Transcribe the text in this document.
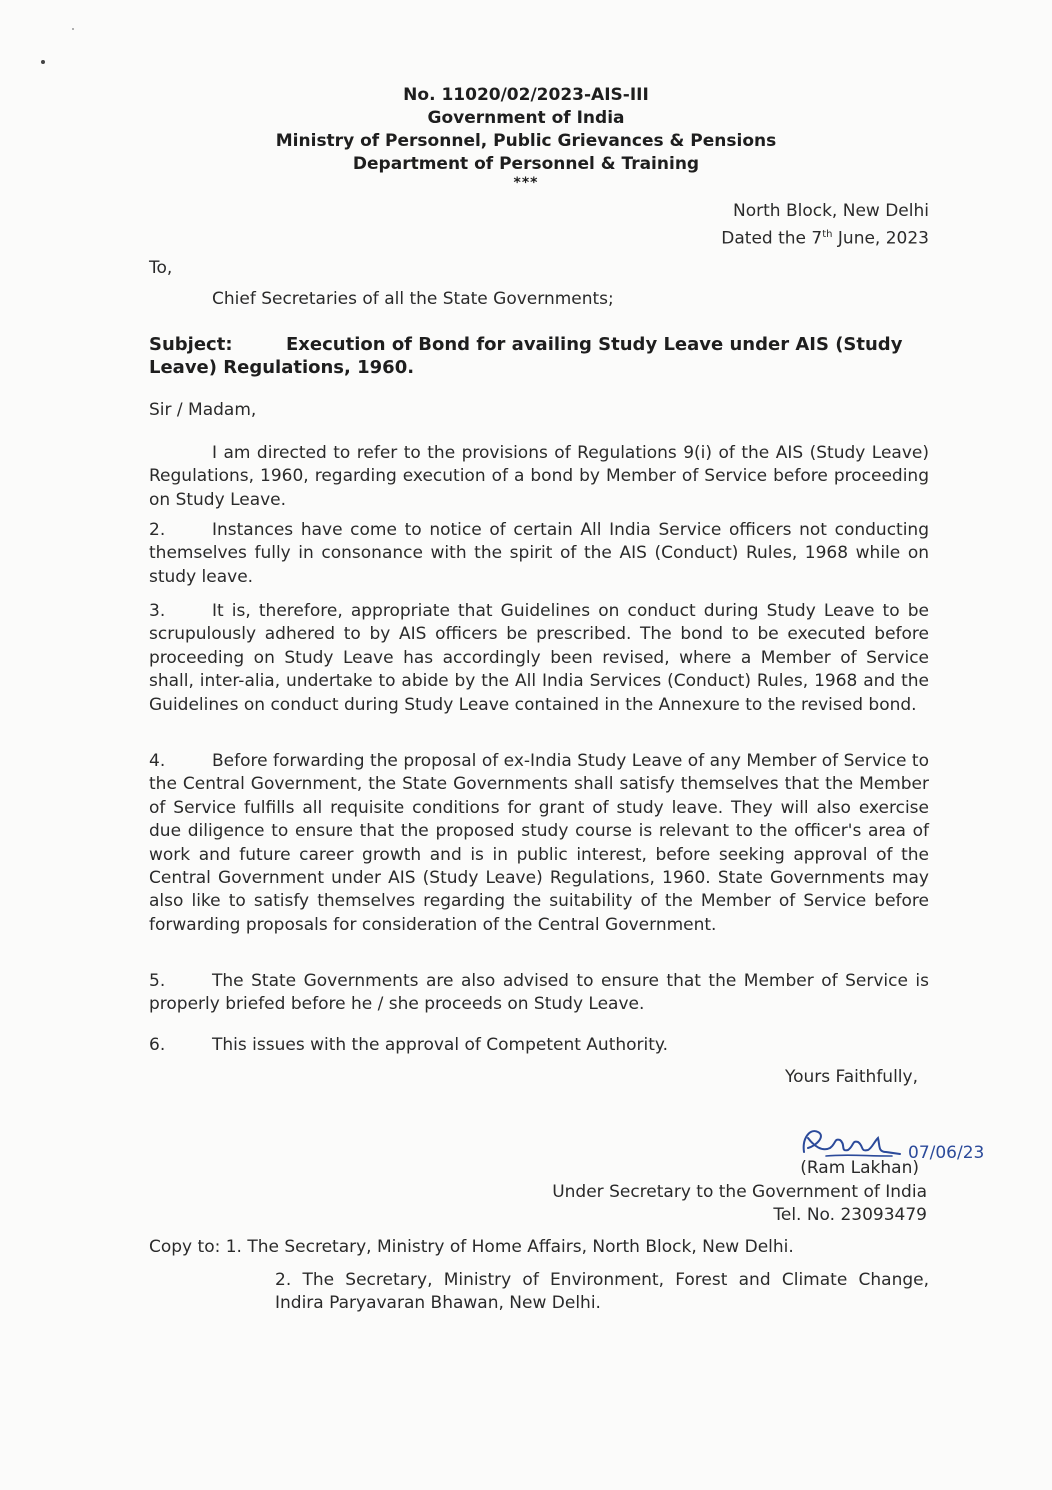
No. 11020/02/2023-AIS-III
Government of India
Ministry of Personnel, Public Grievances & Pensions
Department of Personnel & Training
***
North Block, New Delhi
Dated the 7th June, 2023
To,
Chief Secretaries of all the State Governments;
Subject:	Execution of Bond for availing Study Leave under AIS (Study Leave) Regulations, 1960.
Sir / Madam,
I am directed to refer to the provisions of Regulations 9(i) of the AIS (Study Leave) Regulations, 1960, regarding execution of a bond by Member of Service before proceeding on Study Leave.
2.	Instances have come to notice of certain All India Service officers not conducting themselves fully in consonance with the spirit of the AIS (Conduct) Rules, 1968 while on study leave.
3.	It is, therefore, appropriate that Guidelines on conduct during Study Leave to be scrupulously adhered to by AIS officers be prescribed. The bond to be executed before proceeding on Study Leave has accordingly been revised, where a Member of Service shall, inter-alia, undertake to abide by the All India Services (Conduct) Rules, 1968 and the Guidelines on conduct during Study Leave contained in the Annexure to the revised bond.
4.	Before forwarding the proposal of ex-India Study Leave of any Member of Service to the Central Government, the State Governments shall satisfy themselves that the Member of Service fulfills all requisite conditions for grant of study leave. They will also exercise due diligence to ensure that the proposed study course is relevant to the officer's area of work and future career growth and is in public interest, before seeking approval of the Central Government under AIS (Study Leave) Regulations, 1960. State Governments may also like to satisfy themselves regarding the suitability of the Member of Service before forwarding proposals for consideration of the Central Government.
5.	The State Governments are also advised to ensure that the Member of Service is properly briefed before he / she proceeds on Study Leave.
6.	This issues with the approval of Competent Authority.
Yours Faithfully,
07/06/23
(Ram Lakhan)
Under Secretary to the Government of India
Tel. No. 23093479
Copy to: 1. The Secretary, Ministry of Home Affairs, North Block, New Delhi.
2. The Secretary, Ministry of Environment, Forest and Climate Change, Indira Paryavaran Bhawan, New Delhi.
